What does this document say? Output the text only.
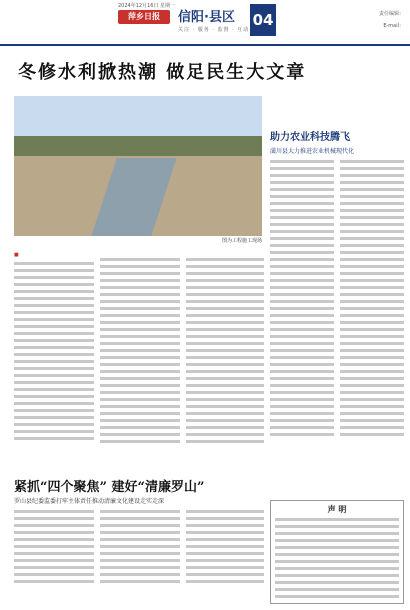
2024年12月16日 星期一
萍乡日报	信阳·县区
关注 · 服务 · 监督 · 互动
04	责任编辑：
E-mail：
冬修水利掀热潮 做足民生大文章
图为工程施工现场
■
助力农业科技腾飞
潢川县大力推进农业机械现代化
紧抓“四个聚焦” 建好“清廉罗山”
罗山县纪委监委打牢主体责任推动清廉文化建设走实走深
声 明
